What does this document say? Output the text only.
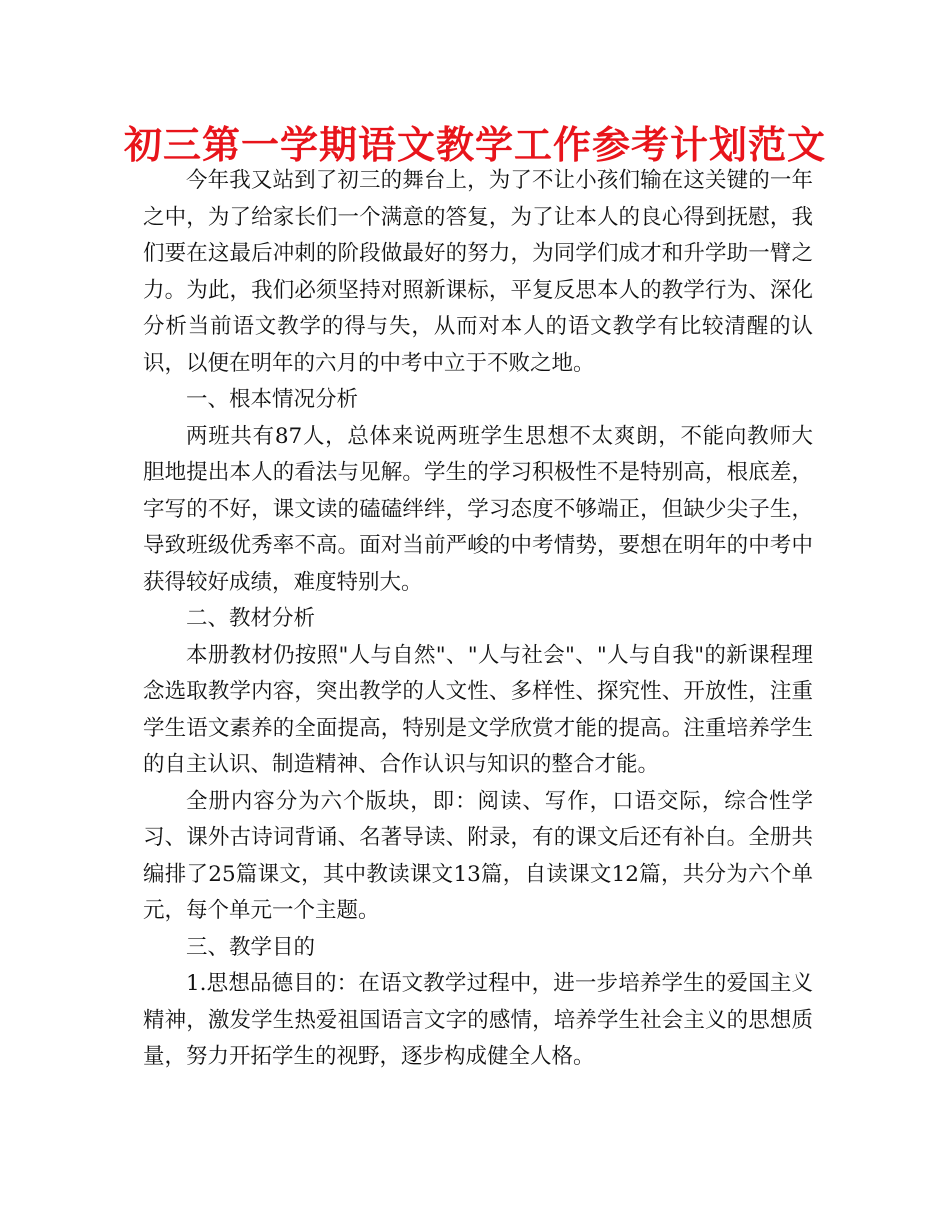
初三第一学期语文教学工作参考计划范文

今年我又站到了初三的舞台上，为了不让小孩们输在这关键的一年之中，为了给家长们一个满意的答复，为了让本人的良心得到抚慰，我们要在这最后冲刺的阶段做最好的努力，为同学们成才和升学助一臂之力。为此，我们必须坚持对照新课标，平复反思本人的教学行为、深化分析当前语文教学的得与失，从而对本人的语文教学有比较清醒的认识，以便在明年的六月的中考中立于不败之地。

一、根本情况分析

两班共有87人，总体来说两班学生思想不太爽朗，不能向教师大胆地提出本人的看法与见解。学生的学习积极性不是特别高，根底差，字写的不好，课文读的磕磕绊绊，学习态度不够端正，但缺少尖子生，导致班级优秀率不高。面对当前严峻的中考情势，要想在明年的中考中获得较好成绩，难度特别大。

二、教材分析

本册教材仍按照"人与自然"、"人与社会"、"人与自我"的新课程理念选取教学内容，突出教学的人文性、多样性、探究性、开放性，注重学生语文素养的全面提高，特别是文学欣赏才能的提高。注重培养学生的自主认识、制造精神、合作认识与知识的整合才能。

全册内容分为六个版块，即：阅读、写作，口语交际，综合性学习、课外古诗词背诵、名著导读、附录，有的课文后还有补白。全册共编排了25篇课文，其中教读课文13篇，自读课文12篇，共分为六个单元，每个单元一个主题。

三、教学目的

1.思想品德目的：在语文教学过程中，进一步培养学生的爱国主义精神，激发学生热爱祖国语言文字的感情，培养学生社会主义的思想质量，努力开拓学生的视野，逐步构成健全人格。
